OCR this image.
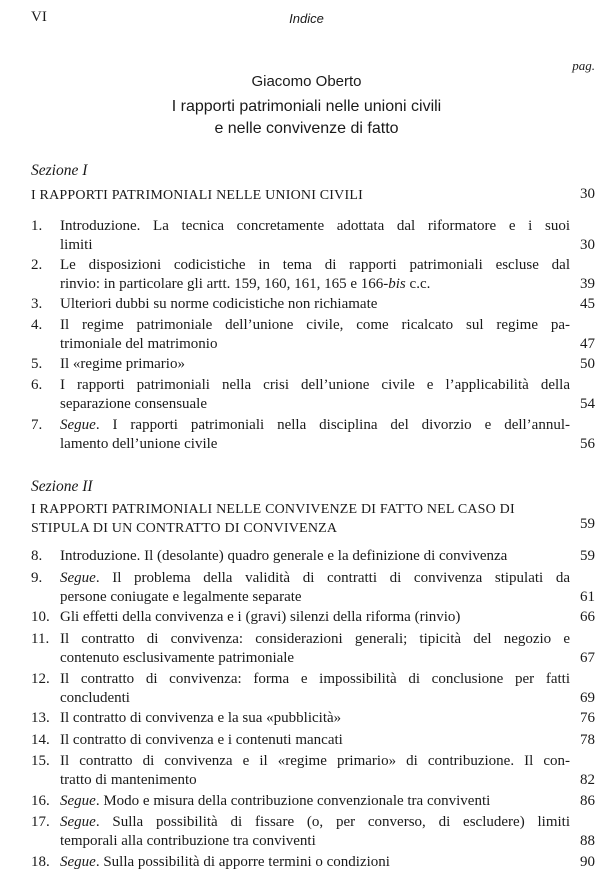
VI	Indice
pag.
Giacomo Oberto
I rapporti patrimoniali nelle unioni civili
e nelle convivenze di fatto
Sezione I
I RAPPORTI PATRIMONIALI NELLE UNIONI CIVILI	30
1. Introduzione. La tecnica concretamente adottata dal riformatore e i suoi
limiti	30
2. Le disposizioni codicistiche in tema di rapporti patrimoniali escluse dal
rinvio: in particolare gli artt. 159, 160, 161, 165 e 166-bis c.c.	39
3. Ulteriori dubbi su norme codicistiche non richiamate	45
4. Il regime patrimoniale dell’unione civile, come ricalcato sul regime pa-
trimoniale del matrimonio	47
5. Il «regime primario»	50
6. I rapporti patrimoniali nella crisi dell’unione civile e l’applicabilità della
separazione consensuale	54
7. Segue. I rapporti patrimoniali nella disciplina del divorzio e dell’annul-
lamento dell’unione civile	56
Sezione II
I RAPPORTI PATRIMONIALI NELLE CONVIVENZE DI FATTO NEL CASO DI
STIPULA DI UN CONTRATTO DI CONVIVENZA	59
8. Introduzione. Il (desolante) quadro generale e la definizione di convivenza	59
9. Segue. Il problema della validità di contratti di convivenza stipulati da
persone coniugate e legalmente separate	61
10. Gli effetti della convivenza e i (gravi) silenzi della riforma (rinvio)	66
11. Il contratto di convivenza: considerazioni generali; tipicità del negozio e
contenuto esclusivamente patrimoniale	67
12. Il contratto di convivenza: forma e impossibilità di conclusione per fatti
concludenti	69
13. Il contratto di convivenza e la sua «pubblicità»	76
14. Il contratto di convivenza e i contenuti mancati	78
15. Il contratto di convivenza e il «regime primario» di contribuzione. Il con-
tratto di mantenimento	82
16. Segue. Modo e misura della contribuzione convenzionale tra conviventi	86
17. Segue. Sulla possibilità di fissare (o, per converso, di escludere) limiti
temporali alla contribuzione tra conviventi	88
18. Segue. Sulla possibilità di apporre termini o condizioni	90
